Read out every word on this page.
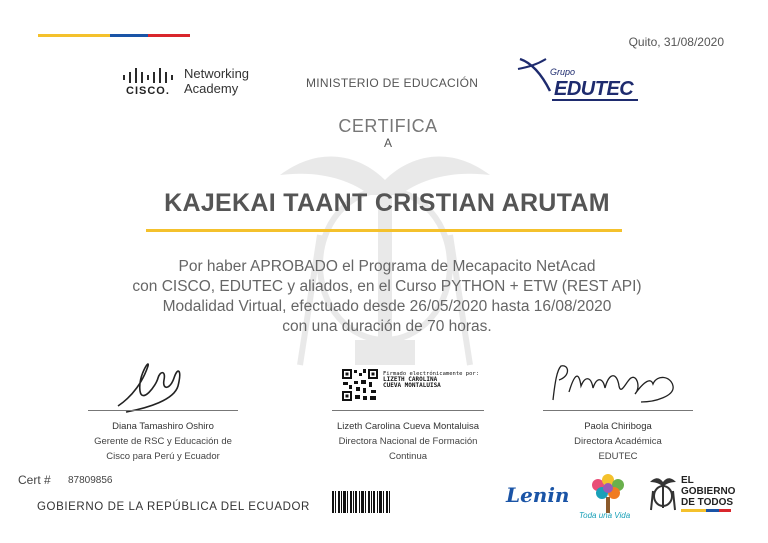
Quito, 31/08/2020
CISCO.
Networking
Academy	MINISTERIO DE EDUCACIÓN
Grupo
EDUTEC
CERTIFICA
A
KAJEKAI TAANT CRISTIAN ARUTAM
Por haber APROBADO el Programa de Mecapacito NetAcad
con CISCO, EDUTEC y aliados, en el Curso PYTHON + ETW (REST API)
Modalidad Virtual, efectuado desde 26/05/2020 hasta 16/08/2020
con una duración de 70 horas.
Firmado electrónicamente por:
LIZETH CAROLINA
CUEVA MONTALUISA
Diana Tamashiro Oshiro
Gerente de RSC y Educación de
Cisco para Perú y Ecuador
Lizeth Carolina Cueva Montaluisa
Directora Nacional de Formación
Continua
Paola Chiriboga
Directora Académica
EDUTEC
Cert # 87809856
GOBIERNO DE LA REPÚBLICA DEL ECUADOR	Lenin
Toda una Vida
EL
GOBIERNO
DE TODOS
